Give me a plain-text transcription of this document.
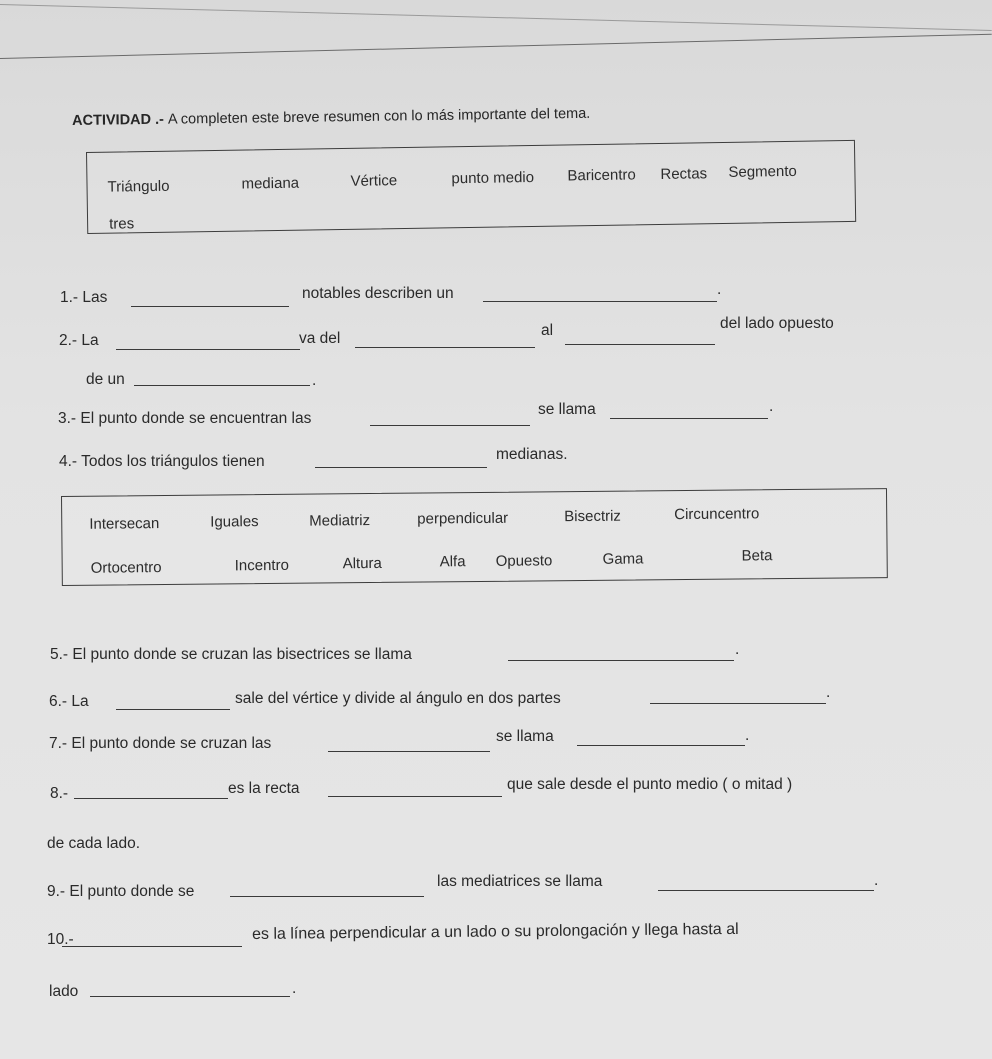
ACTIVIDAD .- A completen este breve resumen con lo más importante del tema.
Triángulo	mediana	Vértice	punto medio Baricentro Rectas Segmento
tres
1.- Las	notables describen un	.
2.- La	va del	al	del lado opuesto
de un	.
3.- El punto donde se encuentran las
se llama	.
4.- Todos los triángulos tienen	medianas.
Intersecan	Iguales	Mediatriz	perpendicular	Bisectriz	Circuncentro
Ortocentro	Incentro	Altura	Alfa Opuesto	Gama	Beta
5.- El punto donde se cruzan las bisectrices se llama	.
6.- La	sale del vértice y divide al ángulo en dos partes	.
7.- El punto donde se cruzan las	se llama	.
8.-	es la recta	que sale desde el punto medio ( o mitad )
de cada lado.
9.- El punto donde se
las mediatrices se llama	.
10.-	es la línea perpendicular a un lado o su prolongación y llega hasta al
lado	.
